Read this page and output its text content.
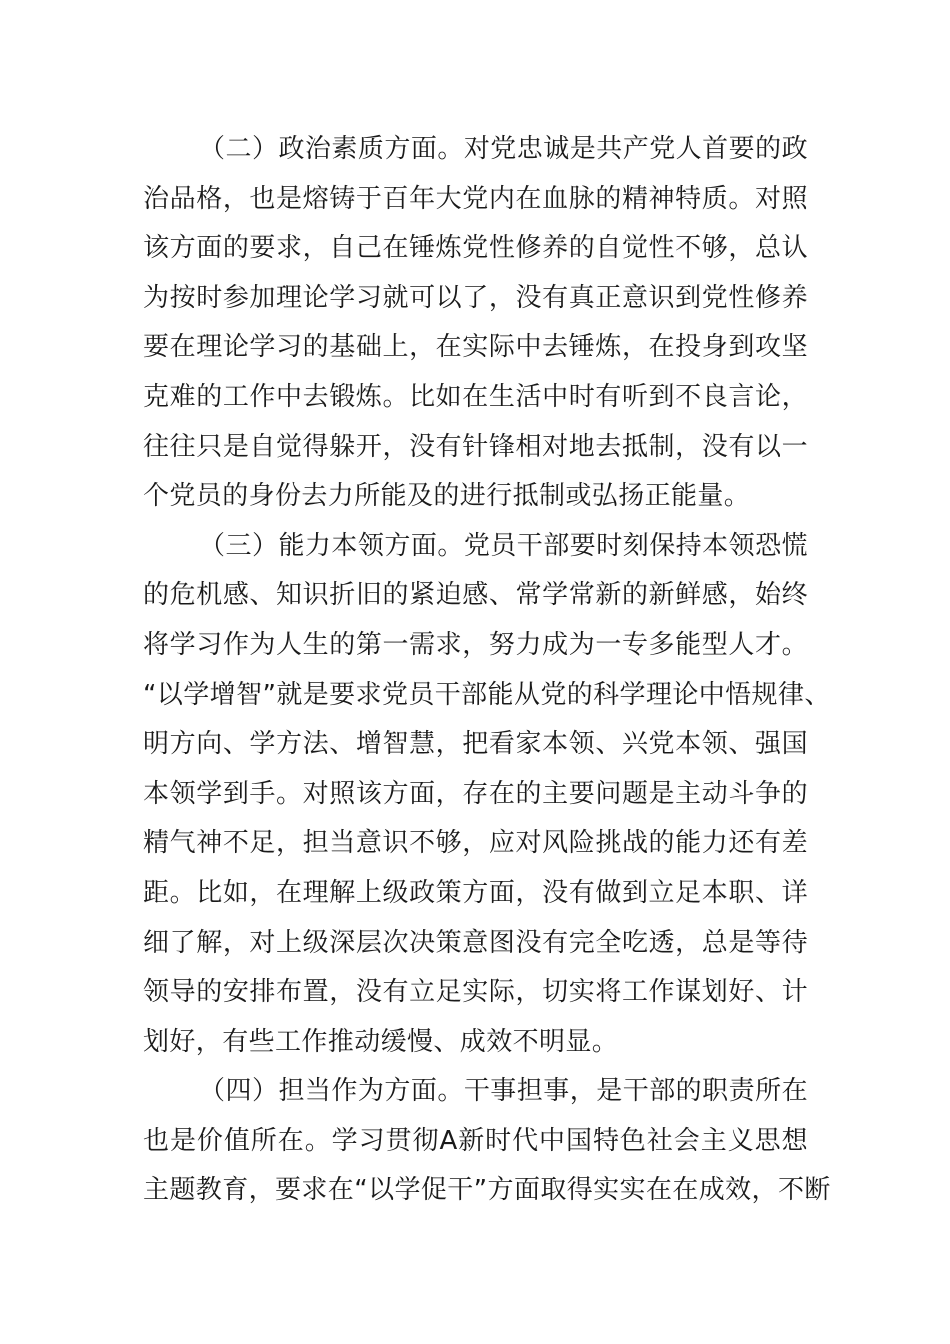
（二）政治素质方面。对党忠诚是共产党人首要的政
治品格，也是熔铸于百年大党内在血脉的精神特质。对照
该方面的要求，自己在锤炼党性修养的自觉性不够，总认
为按时参加理论学习就可以了，没有真正意识到党性修养
要在理论学习的基础上，在实际中去锤炼，在投身到攻坚
克难的工作中去锻炼。比如在生活中时有听到不良言论，
往往只是自觉得躲开，没有针锋相对地去抵制，没有以一
个党员的身份去力所能及的进行抵制或弘扬正能量。
（三）能力本领方面。党员干部要时刻保持本领恐慌
的危机感、知识折旧的紧迫感、常学常新的新鲜感，始终
将学习作为人生的第一需求，努力成为一专多能型人才。
“以学增智”就是要求党员干部能从党的科学理论中悟规律、
明方向、学方法、增智慧，把看家本领、兴党本领、强国
本领学到手。对照该方面，存在的主要问题是主动斗争的
精气神不足，担当意识不够，应对风险挑战的能力还有差
距。比如，在理解上级政策方面，没有做到立足本职、详
细了解，对上级深层次决策意图没有完全吃透，总是等待
领导的安排布置，没有立足实际，切实将工作谋划好、计
划好，有些工作推动缓慢、成效不明显。
（四）担当作为方面。干事担事，是干部的职责所在
也是价值所在。学习贯彻A新时代中国特色社会主义思想
主题教育，要求在“以学促干”方面取得实实在在成效，不断
